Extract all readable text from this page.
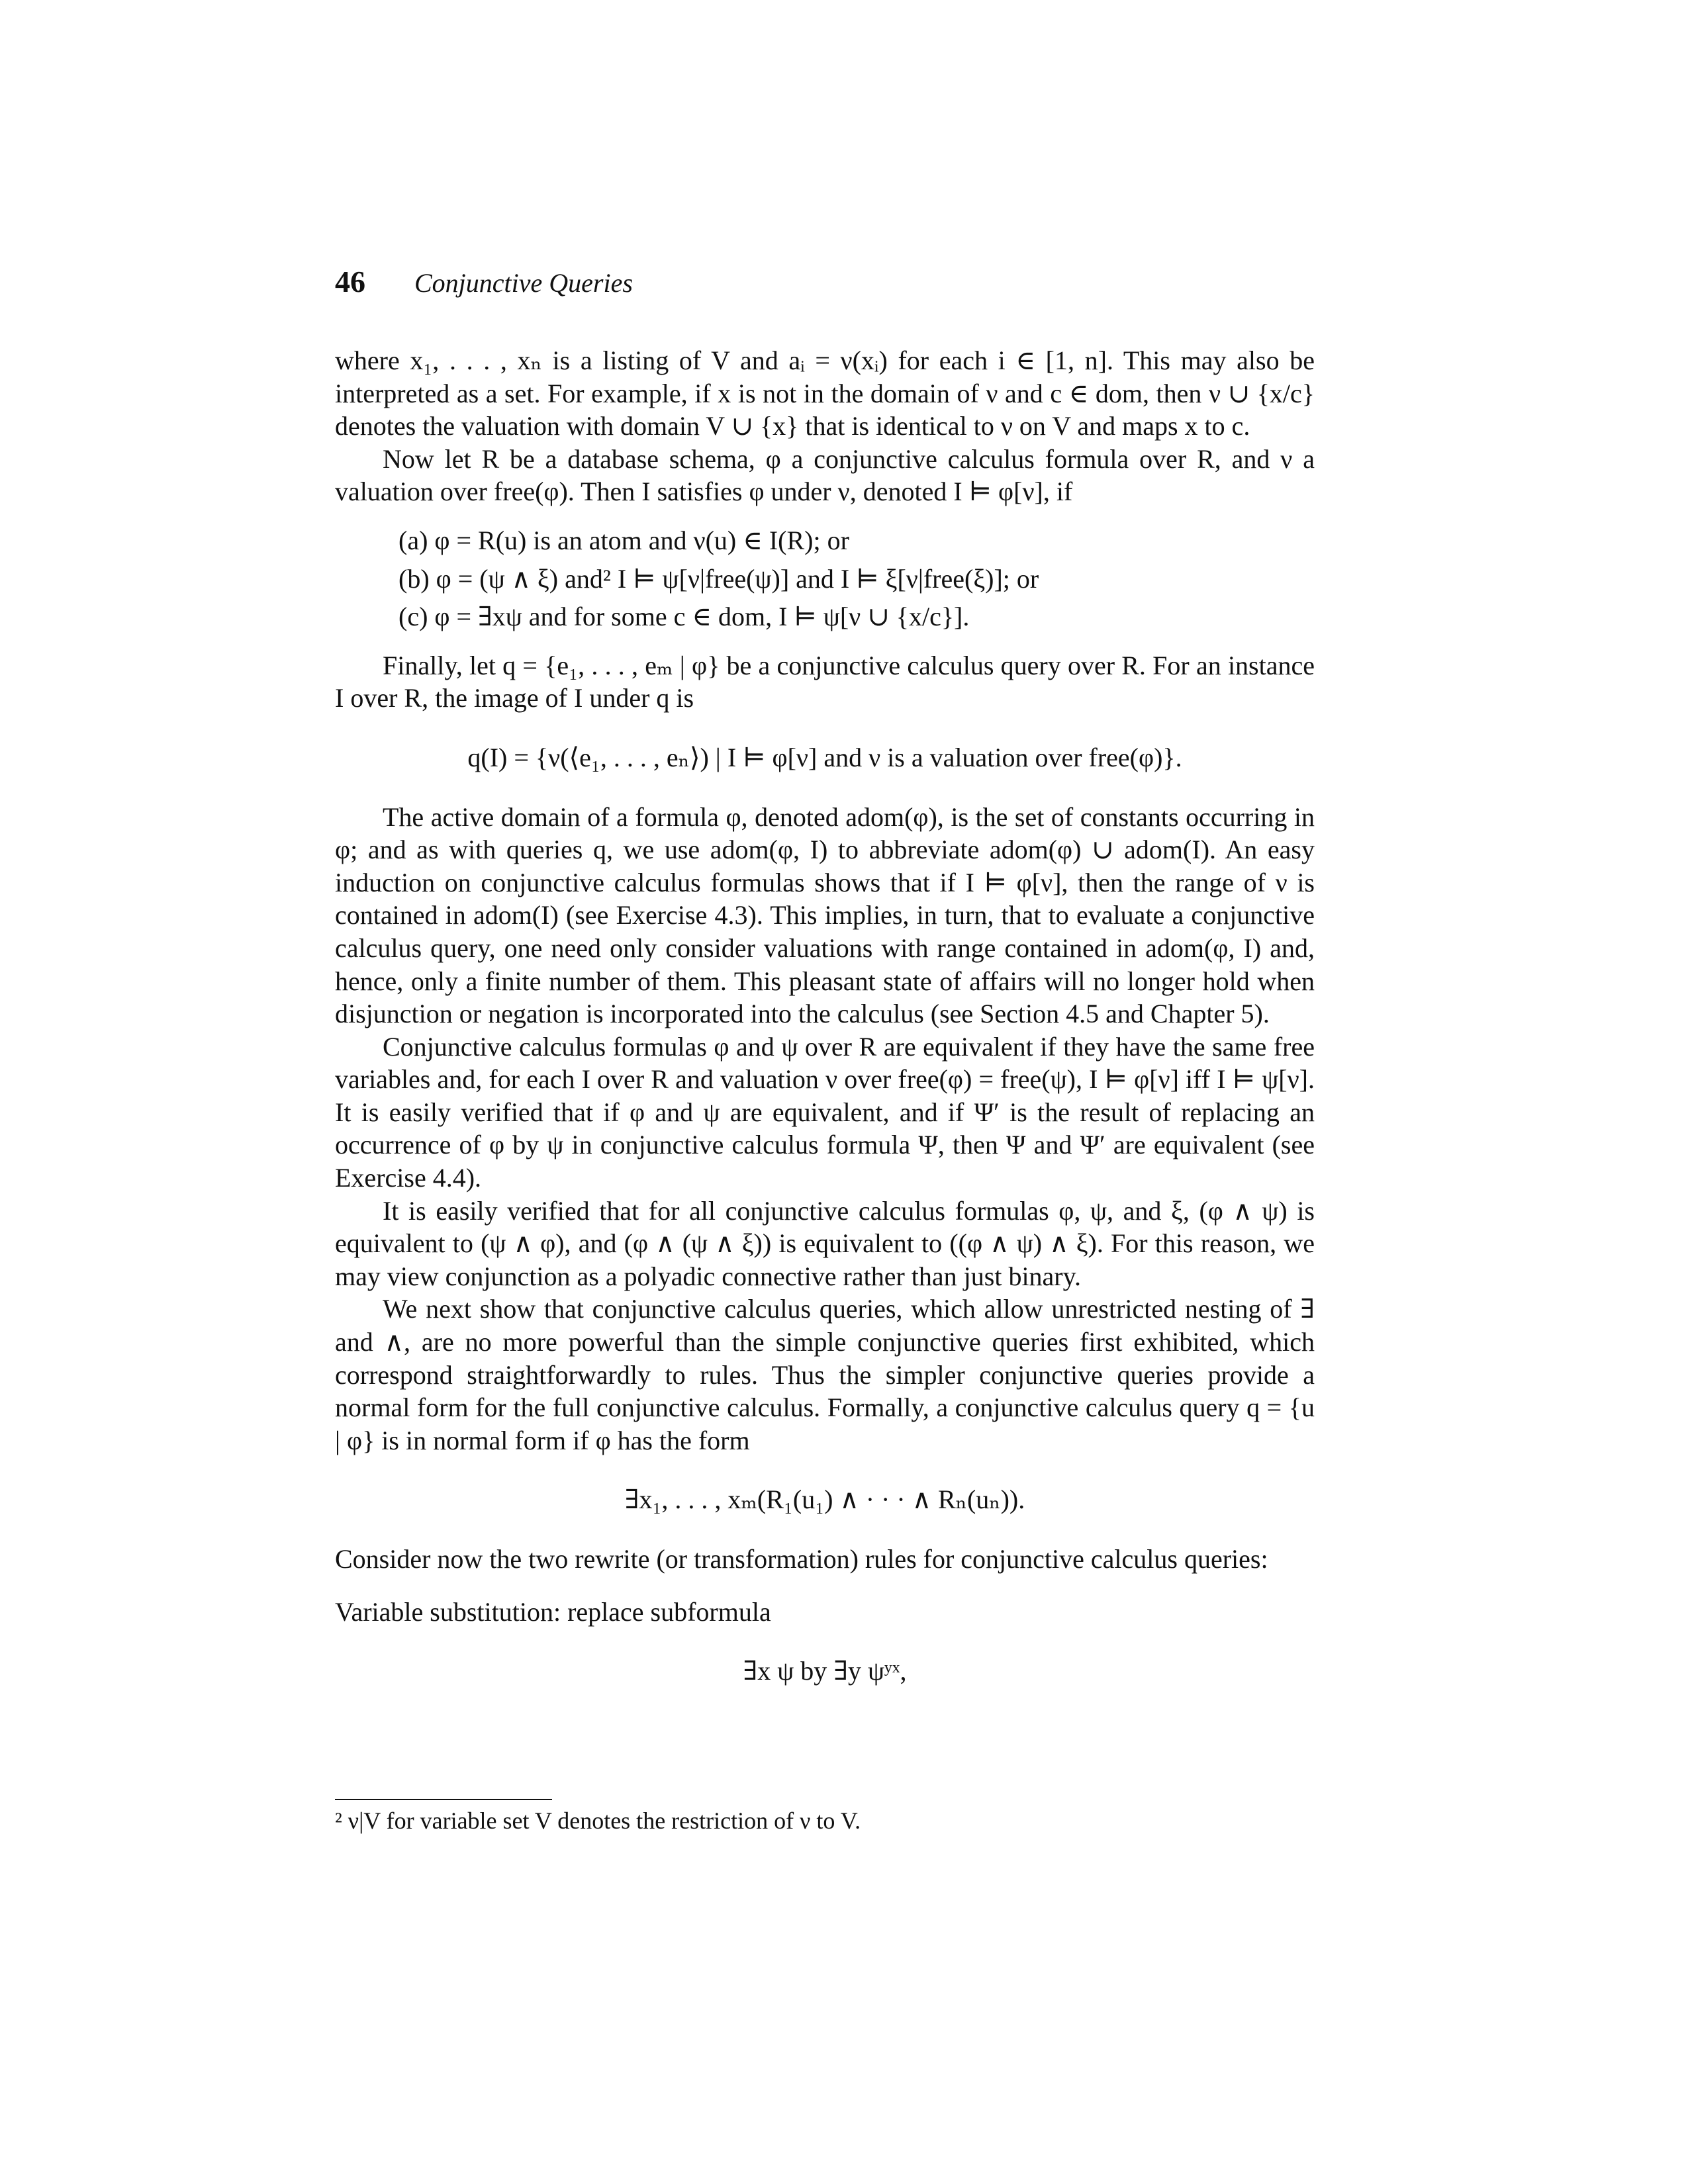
46 Conjunctive Queries

where x₁, . . . , xₙ is a listing of V and aᵢ = ν(xᵢ) for each i ∈ [1, n]. This may also be interpreted as a set. For example, if x is not in the domain of ν and c ∈ dom, then ν ∪ {x/c} denotes the valuation with domain V ∪ {x} that is identical to ν on V and maps x to c.

Now let R be a database schema, φ a conjunctive calculus formula over R, and ν a valuation over free(φ). Then I satisfies φ under ν, denoted I ⊨ φ[ν], if

(a) φ = R(u) is an atom and ν(u) ∈ I(R); or
(b) φ = (ψ ∧ ξ) and² I ⊨ ψ[ν|free(ψ)] and I ⊨ ξ[ν|free(ξ)]; or
(c) φ = ∃xψ and for some c ∈ dom, I ⊨ ψ[ν ∪ {x/c}].

Finally, let q = {e₁, . . . , eₘ | φ} be a conjunctive calculus query over R. For an instance I over R, the image of I under q is

q(I) = {ν(⟨e₁, . . . , eₙ⟩) | I ⊨ φ[ν] and ν is a valuation over free(φ)}.

The active domain of a formula φ, denoted adom(φ), is the set of constants occurring in φ; and as with queries q, we use adom(φ, I) to abbreviate adom(φ) ∪ adom(I). An easy induction on conjunctive calculus formulas shows that if I ⊨ φ[ν], then the range of ν is contained in adom(I) (see Exercise 4.3). This implies, in turn, that to evaluate a conjunctive calculus query, one need only consider valuations with range contained in adom(φ, I) and, hence, only a finite number of them. This pleasant state of affairs will no longer hold when disjunction or negation is incorporated into the calculus (see Section 4.5 and Chapter 5).

Conjunctive calculus formulas φ and ψ over R are equivalent if they have the same free variables and, for each I over R and valuation ν over free(φ) = free(ψ), I ⊨ φ[ν] iff I ⊨ ψ[ν]. It is easily verified that if φ and ψ are equivalent, and if Ψ′ is the result of replacing an occurrence of φ by ψ in conjunctive calculus formula Ψ, then Ψ and Ψ′ are equivalent (see Exercise 4.4).

It is easily verified that for all conjunctive calculus formulas φ, ψ, and ξ, (φ ∧ ψ) is equivalent to (ψ ∧ φ), and (φ ∧ (ψ ∧ ξ)) is equivalent to ((φ ∧ ψ) ∧ ξ). For this reason, we may view conjunction as a polyadic connective rather than just binary.

We next show that conjunctive calculus queries, which allow unrestricted nesting of ∃ and ∧, are no more powerful than the simple conjunctive queries first exhibited, which correspond straightforwardly to rules. Thus the simpler conjunctive queries provide a normal form for the full conjunctive calculus. Formally, a conjunctive calculus query q = {u | φ} is in normal form if φ has the form

∃x₁, . . . , xₘ(R₁(u₁) ∧ · · · ∧ Rₙ(uₙ)).

Consider now the two rewrite (or transformation) rules for conjunctive calculus queries:

Variable substitution: replace subformula

∃x ψ by ∃y ψʸˣ,
² ν|V for variable set V denotes the restriction of ν to V.
